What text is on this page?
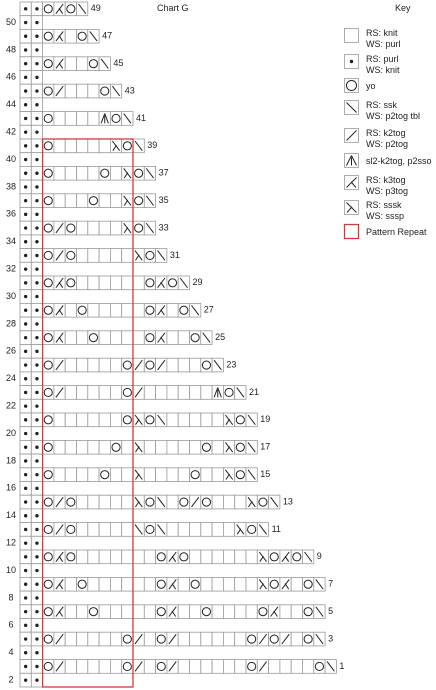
50
48
46
44
42
40
38
36
34
32
30
28
26
24
22
20
18
16
14
12
10
8
6
4
2
49
47
45
43
41
39
37
35
33
31
29
27
25
23
21
19
17
15
13
11
9
7
5
3
1
Chart G	Key
RS: knit
WS: purl
RS: purl
WS: knit
yo
RS: ssk
WS: p2tog tbl
RS: k2tog
WS: p2tog
sl2-k2tog, p2sso
RS: k3tog
WS: p3tog
RS: sssk
WS: sssp
Pattern Repeat
